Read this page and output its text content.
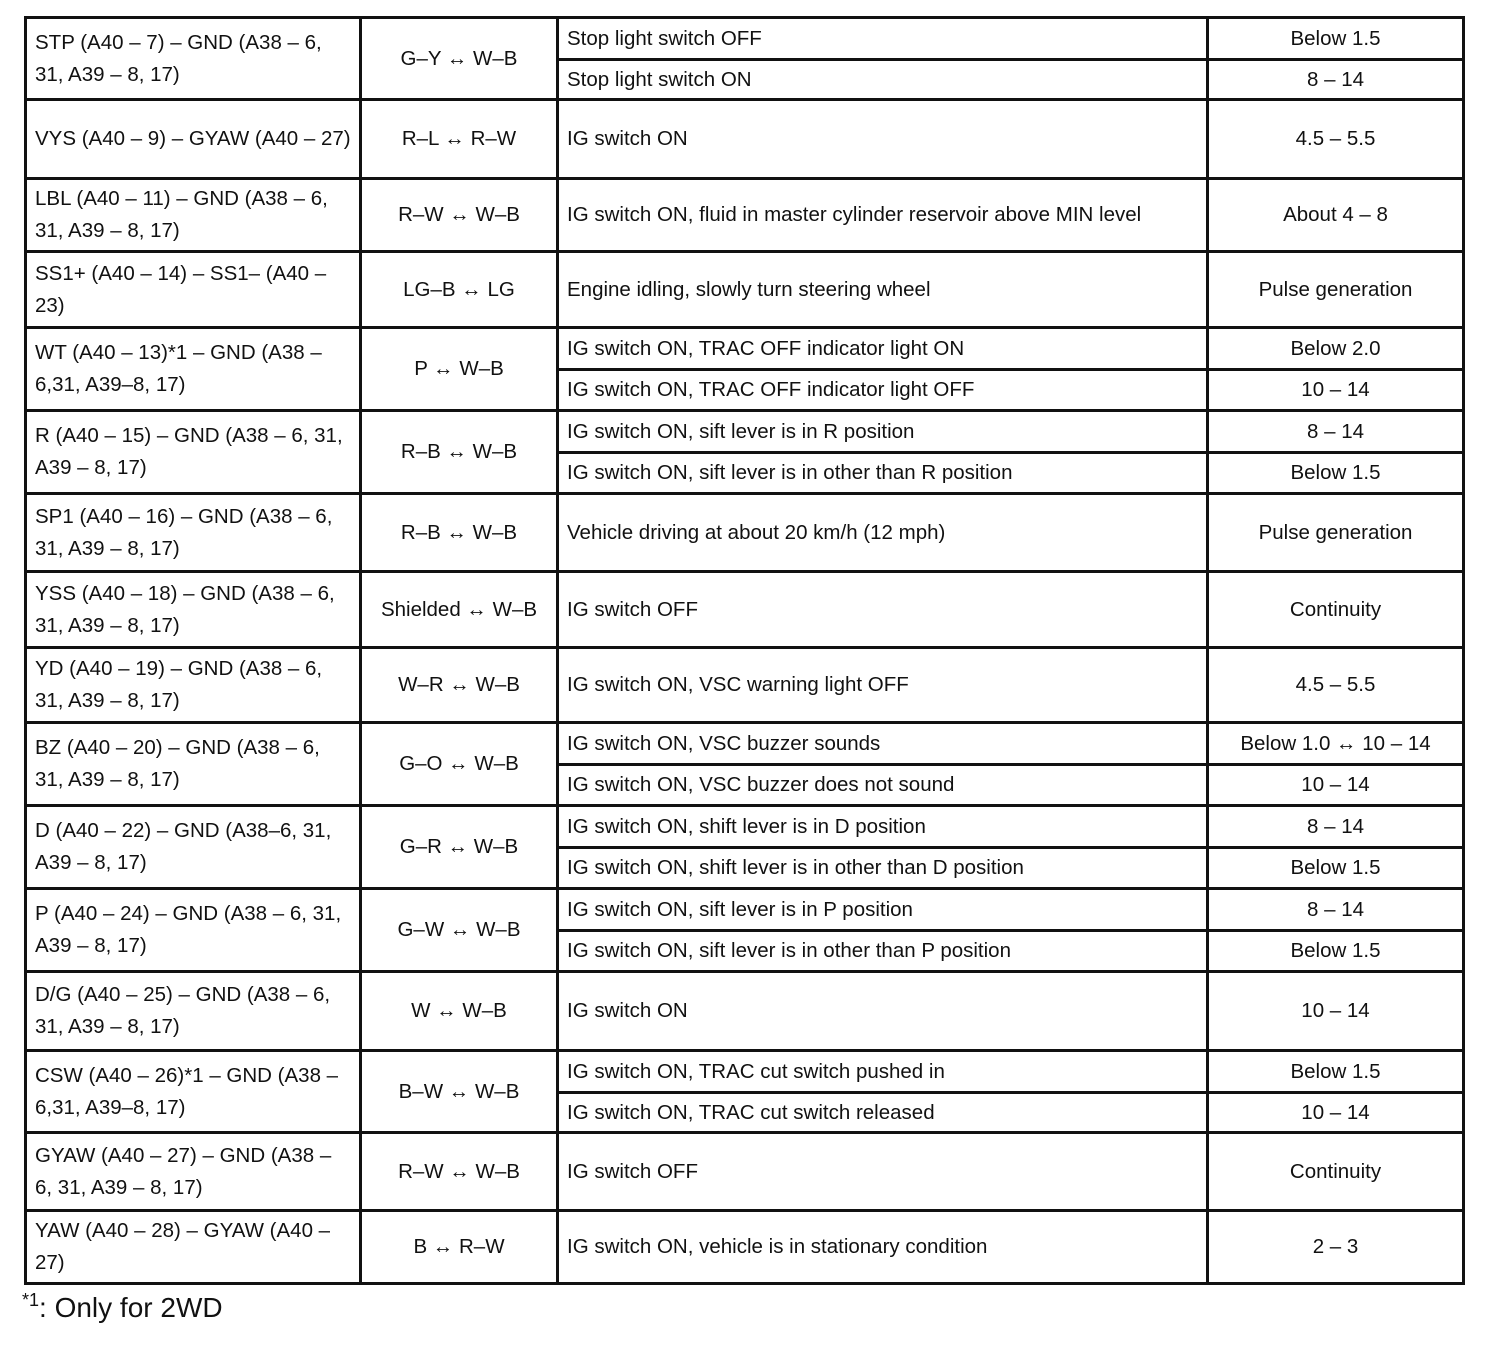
STP (A40 – 7) – GND (A38 – 6, 31, A39 – 8, 17)	G–Y ↔ W–B	Stop light switch OFF	Below 1.5
		Stop light switch ON	8 – 14
VYS (A40 – 9) – GYAW (A40 – 27)	R–L ↔ R–W	IG switch ON	4.5 – 5.5
LBL (A40 – 11) – GND (A38 – 6, 31, A39 – 8, 17)	R–W ↔ W–B	IG switch ON, fluid in master cylinder reservoir above MIN level	About 4 – 8
SS1+ (A40 – 14) – SS1– (A40 – 23)	LG–B ↔ LG	Engine idling, slowly turn steering wheel	Pulse generation
WT (A40 – 13)*1 – GND (A38 – 6,31, A39–8, 17)	P ↔ W–B	IG switch ON, TRAC OFF indicator light ON	Below 2.0
		IG switch ON, TRAC OFF indicator light OFF	10 – 14
R (A40 – 15) – GND (A38 – 6, 31, A39 – 8, 17)	R–B ↔ W–B	IG switch ON, sift lever is in R position	8 – 14
		IG switch ON, sift lever is in other than R position	Below 1.5
SP1 (A40 – 16) – GND (A38 – 6, 31, A39 – 8, 17)	R–B ↔ W–B	Vehicle driving at about 20 km/h (12 mph)	Pulse generation
YSS (A40 – 18) – GND (A38 – 6, 31, A39 – 8, 17)	Shielded ↔ W–B	IG switch OFF	Continuity
YD (A40 – 19) – GND (A38 – 6, 31, A39 – 8, 17)	W–R ↔ W–B	IG switch ON, VSC warning light OFF	4.5 – 5.5
BZ (A40 – 20) – GND (A38 – 6, 31, A39 – 8, 17)	G–O ↔ W–B	IG switch ON, VSC buzzer sounds	Below 1.0 ↔ 10 – 14
		IG switch ON, VSC buzzer does not sound	10 – 14
D (A40 – 22) – GND (A38–6, 31, A39 – 8, 17)	G–R ↔ W–B	IG switch ON, shift lever is in D position	8 – 14
		IG switch ON, shift lever is in other than D position	Below 1.5
P (A40 – 24) – GND (A38 – 6, 31, A39 – 8, 17)	G–W ↔ W–B	IG switch ON, sift lever is in P position	8 – 14
		IG switch ON, sift lever is in other than P position	Below 1.5
D/G (A40 – 25) – GND (A38 – 6, 31, A39 – 8, 17)	W ↔ W–B	IG switch ON	10 – 14
CSW (A40 – 26)*1 – GND (A38 – 6,31, A39–8, 17)	B–W ↔ W–B	IG switch ON, TRAC cut switch pushed in	Below 1.5
		IG switch ON, TRAC cut switch released	10 – 14
GYAW (A40 – 27) – GND (A38 – 6, 31, A39 – 8, 17)	R–W ↔ W–B	IG switch OFF	Continuity
YAW (A40 – 28) – GYAW (A40 – 27)	B ↔ R–W	IG switch ON, vehicle is in stationary condition	2 – 3
$^{*1}$: Only for 2WD
